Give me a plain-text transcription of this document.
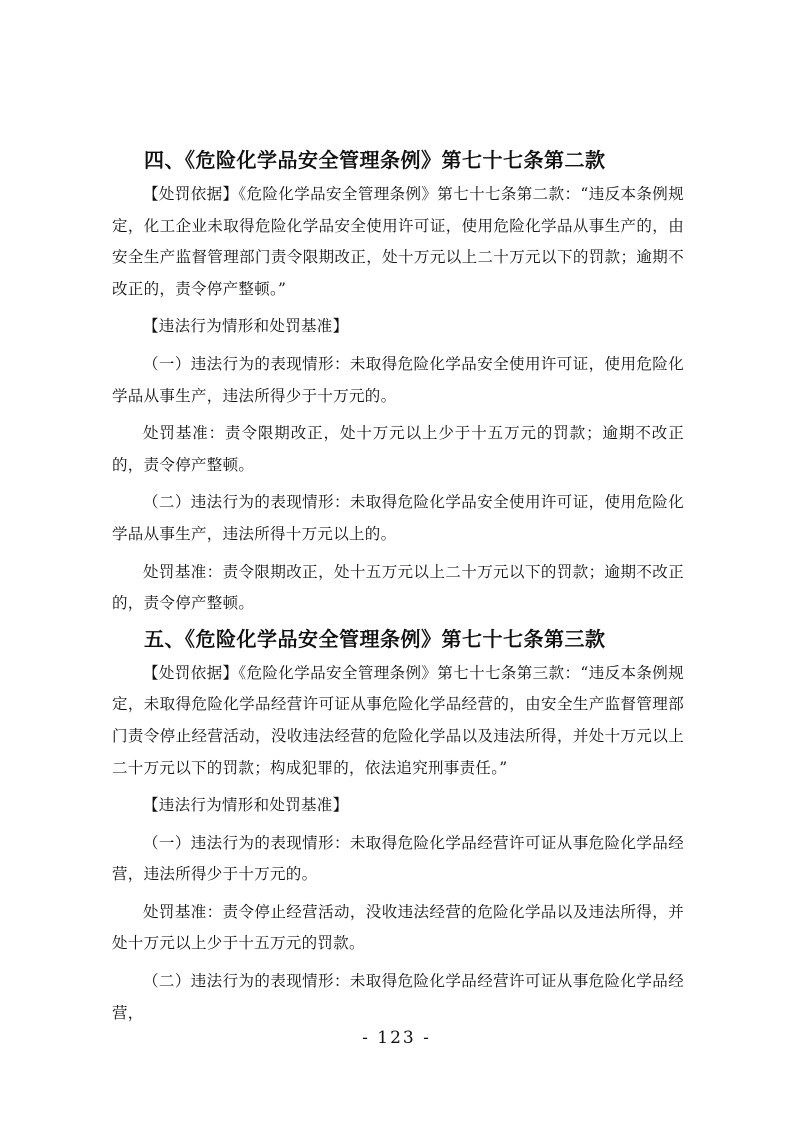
四、《危险化学品安全管理条例》第七十七条第二款

【处罚依据】《危险化学品安全管理条例》第七十七条第二款：“违反本条例规定，化工企业未取得危险化学品安全使用许可证，使用危险化学品从事生产的，由安全生产监督管理部门责令限期改正，处十万元以上二十万元以下的罚款；逾期不改正的，责令停产整顿。”

【违法行为情形和处罚基准】

（一）违法行为的表现情形：未取得危险化学品安全使用许可证，使用危险化学品从事生产，违法所得少于十万元的。

处罚基准：责令限期改正，处十万元以上少于十五万元的罚款；逾期不改正的，责令停产整顿。

（二）违法行为的表现情形：未取得危险化学品安全使用许可证，使用危险化学品从事生产，违法所得十万元以上的。

处罚基准：责令限期改正，处十五万元以上二十万元以下的罚款；逾期不改正的，责令停产整顿。

五、《危险化学品安全管理条例》第七十七条第三款

【处罚依据】《危险化学品安全管理条例》第七十七条第三款：“违反本条例规定，未取得危险化学品经营许可证从事危险化学品经营的，由安全生产监督管理部门责令停止经营活动，没收违法经营的危险化学品以及违法所得，并处十万元以上二十万元以下的罚款；构成犯罪的，依法追究刑事责任。”

【违法行为情形和处罚基准】

（一）违法行为的表现情形：未取得危险化学品经营许可证从事危险化学品经营，违法所得少于十万元的。

处罚基准：责令停止经营活动，没收违法经营的危险化学品以及违法所得，并处十万元以上少于十五万元的罚款。

（二）违法行为的表现情形：未取得危险化学品经营许可证从事危险化学品经营，

- 123 -
